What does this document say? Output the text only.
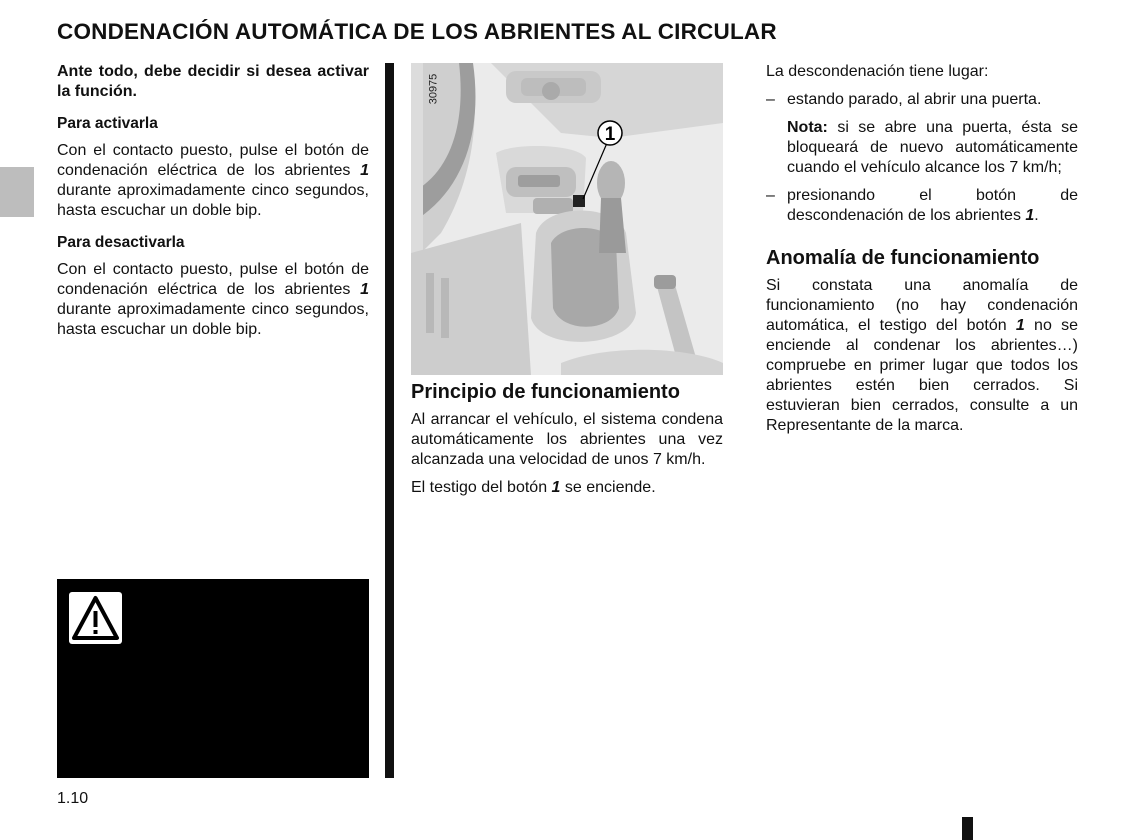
CONDENACIÓN AUTOMÁTICA DE LOS ABRIENTES AL CIRCULAR

Ante todo, debe decidir si desea activar la función.

Para activarla

Con el contacto puesto, pulse el botón de condenación eléctrica de los abrientes 1 durante aproximadamente cinco segundos, hasta escuchar un doble bip.

Para desactivarla

Con el contacto puesto, pulse el botón de condenación eléctrica de los abrientes 1 durante aproximadamente cinco segundos, hasta escuchar un doble bip.

1
30975
Principio de funcionamiento

Al arrancar el vehículo, el sistema condena automáticamente los abrientes una vez alcanzada una velocidad de unos 7 km/h.

El testigo del botón 1 se enciende.

La descondenación tiene lugar:

– estando parado, al abrir una puerta.

Nota: si se abre una puerta, ésta se bloqueará de nuevo automáticamente cuando el vehículo alcance los 7 km/h;

– presionando el botón de descondenación de los abrientes 1.
Anomalía de funcionamiento

Si constata una anomalía de funcionamiento (no hay condenación automática, el testigo del botón 1 no se enciende al condenar los abrientes…) compruebe en primer lugar que todos los abrientes estén bien cerrados. Si estuvieran bien cerrados, consulte a un Representante de la marca.

1.10
